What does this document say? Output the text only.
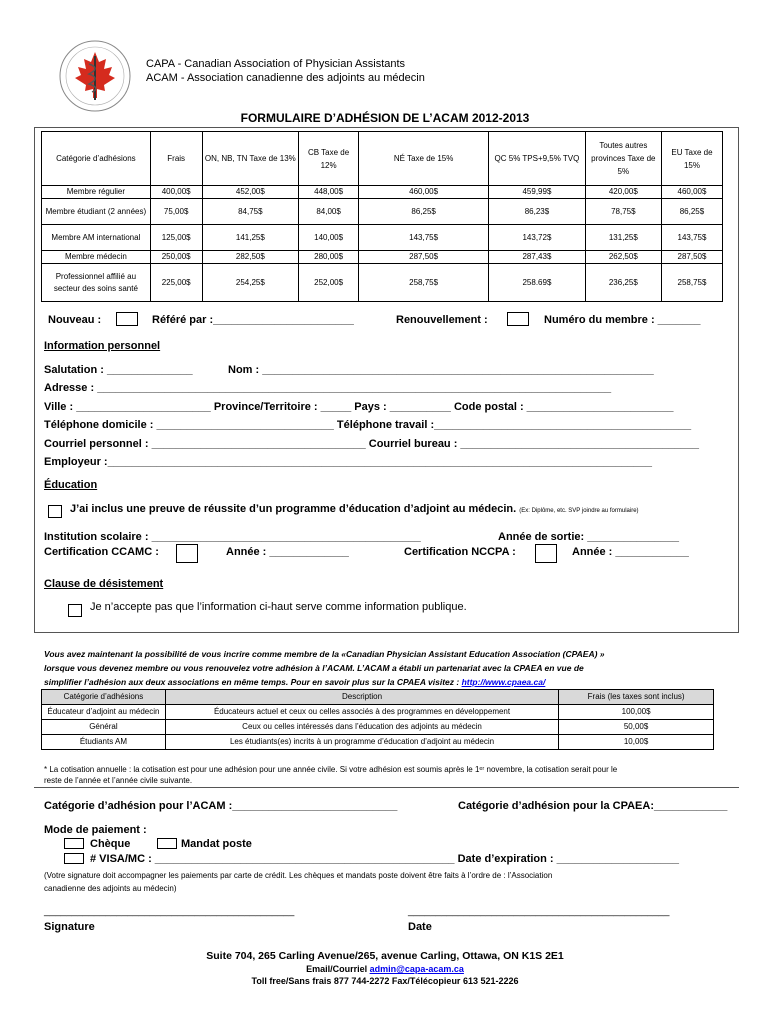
CAPA - Canadian Association of Physician Assistants
ACAM - Association canadienne des adjoints au médecin
FORMULAIRE D’ADHÉSION DE L’ACAM 2012-2013
Catégorie d’adhésions	Frais	ON, NB, TN Taxe de 13%	CB Taxe de 12%	NÉ Taxe de 15%	QC 5% TPS+9,5% TVQ	Toutes autres provinces Taxe de 5%	EU Taxe de 15%
Membre régulier	400,00$	452,00$	448,00$	460,00$	459,99$	420,00$	460,00$
Membre étudiant (2 années)	75,00$	84,75$	84,00$	86,25$	86,23$	78,75$	86,25$
Membre AM international	125,00$	141,25$	140,00$	143,75$	143,72$	131,25$	143,75$
Membre médecin	250,00$	282,50$	280,00$	287,50$	287,43$	262,50$	287,50$
Professionnel affilié au secteur des soins santé	225,00$	254,25$	252,00$	258,75$	258.69$	236,25$	258,75$
Nouveau :	Référé par :_______________________	Renouvellement :	Numéro du membre : _______
Information personnel
Salutation : ______________	Nom : ________________________________________________________________
Adresse : ____________________________________________________________________________________
Ville : ______________________ Province/Territoire : _____ Pays : __________ Code postal : ________________________
Téléphone domicile : _____________________________ Téléphone travail :__________________________________________
Courriel personnel : ___________________________________ Courriel bureau : _______________________________________
Employeur :_________________________________________________________________________________________
Éducation
J’ai inclus une preuve de réussite d’un programme d’éducation d’adjoint au médecin. (Ex: Diplôme, etc. SVP joindre au formulaire)
Institution scolaire : ____________________________________________	Année de sortie: _______________
Certification CCAMC :	Année : _____________	Certification NCCPA :	Année : ____________
Clause de désistement
Je n’accepte pas que l’information ci-haut serve comme information publique.
Vous avez maintenant la possibilité de vous incrire comme membre de la «Canadian Physician Assistant Education Association (CPAEA) »
lorsque vous devenez membre ou vous renouvelez votre adhésion à l’ACAM. L’ACAM a établi un partenariat avec la CPAEA en vue de
simplifier l’adhésion aux deux associations en même temps. Pour en savoir plus sur la CPAEA visitez : http://www.cpaea.ca/
Catégorie d’adhésions	Description	Frais (les taxes sont inclus)
Éducateur d’adjoint au médecin	Éducateurs actuel et ceux ou celles associés à des programmes en développement	100,00$
Général	Ceux ou celles intéressés dans l’éducation des adjoints au médecin	50,00$
Étudiants AM	Les étudiants(es) incrits à un programme d’éducation d’adjoint au médecin	10,00$
* La cotisation annuelle : la cotisation est pour une adhésion pour une année civile. Si votre adhésion est soumis après le 1ᵉʳ novembre, la cotisation serait pour le
reste de l’année et l’année civile suivante.
Catégorie d’adhésion pour l’ACAM :___________________________	Catégorie d’adhésion pour la CPAEA:____________
Mode de paiement :
Chèque	Mandat poste
# VISA/MC : _________________________________________________ Date d’expiration : ____________________
(Votre signature doit accompagner les paiements par carte de crédit. Les chèques et mandats poste doivent être faits à l’ordre de : l’Association
canadienne des adjoints au médecin)
_____________________________________________	_______________________________________________
Signature	Date
Suite 704, 265 Carling Avenue/265, avenue Carling, Ottawa, ON K1S 2E1
Email/Courriel admin@capa-acam.ca
Toll free/Sans frais 877 744-2272 Fax/Télécopieur 613 521-2226
